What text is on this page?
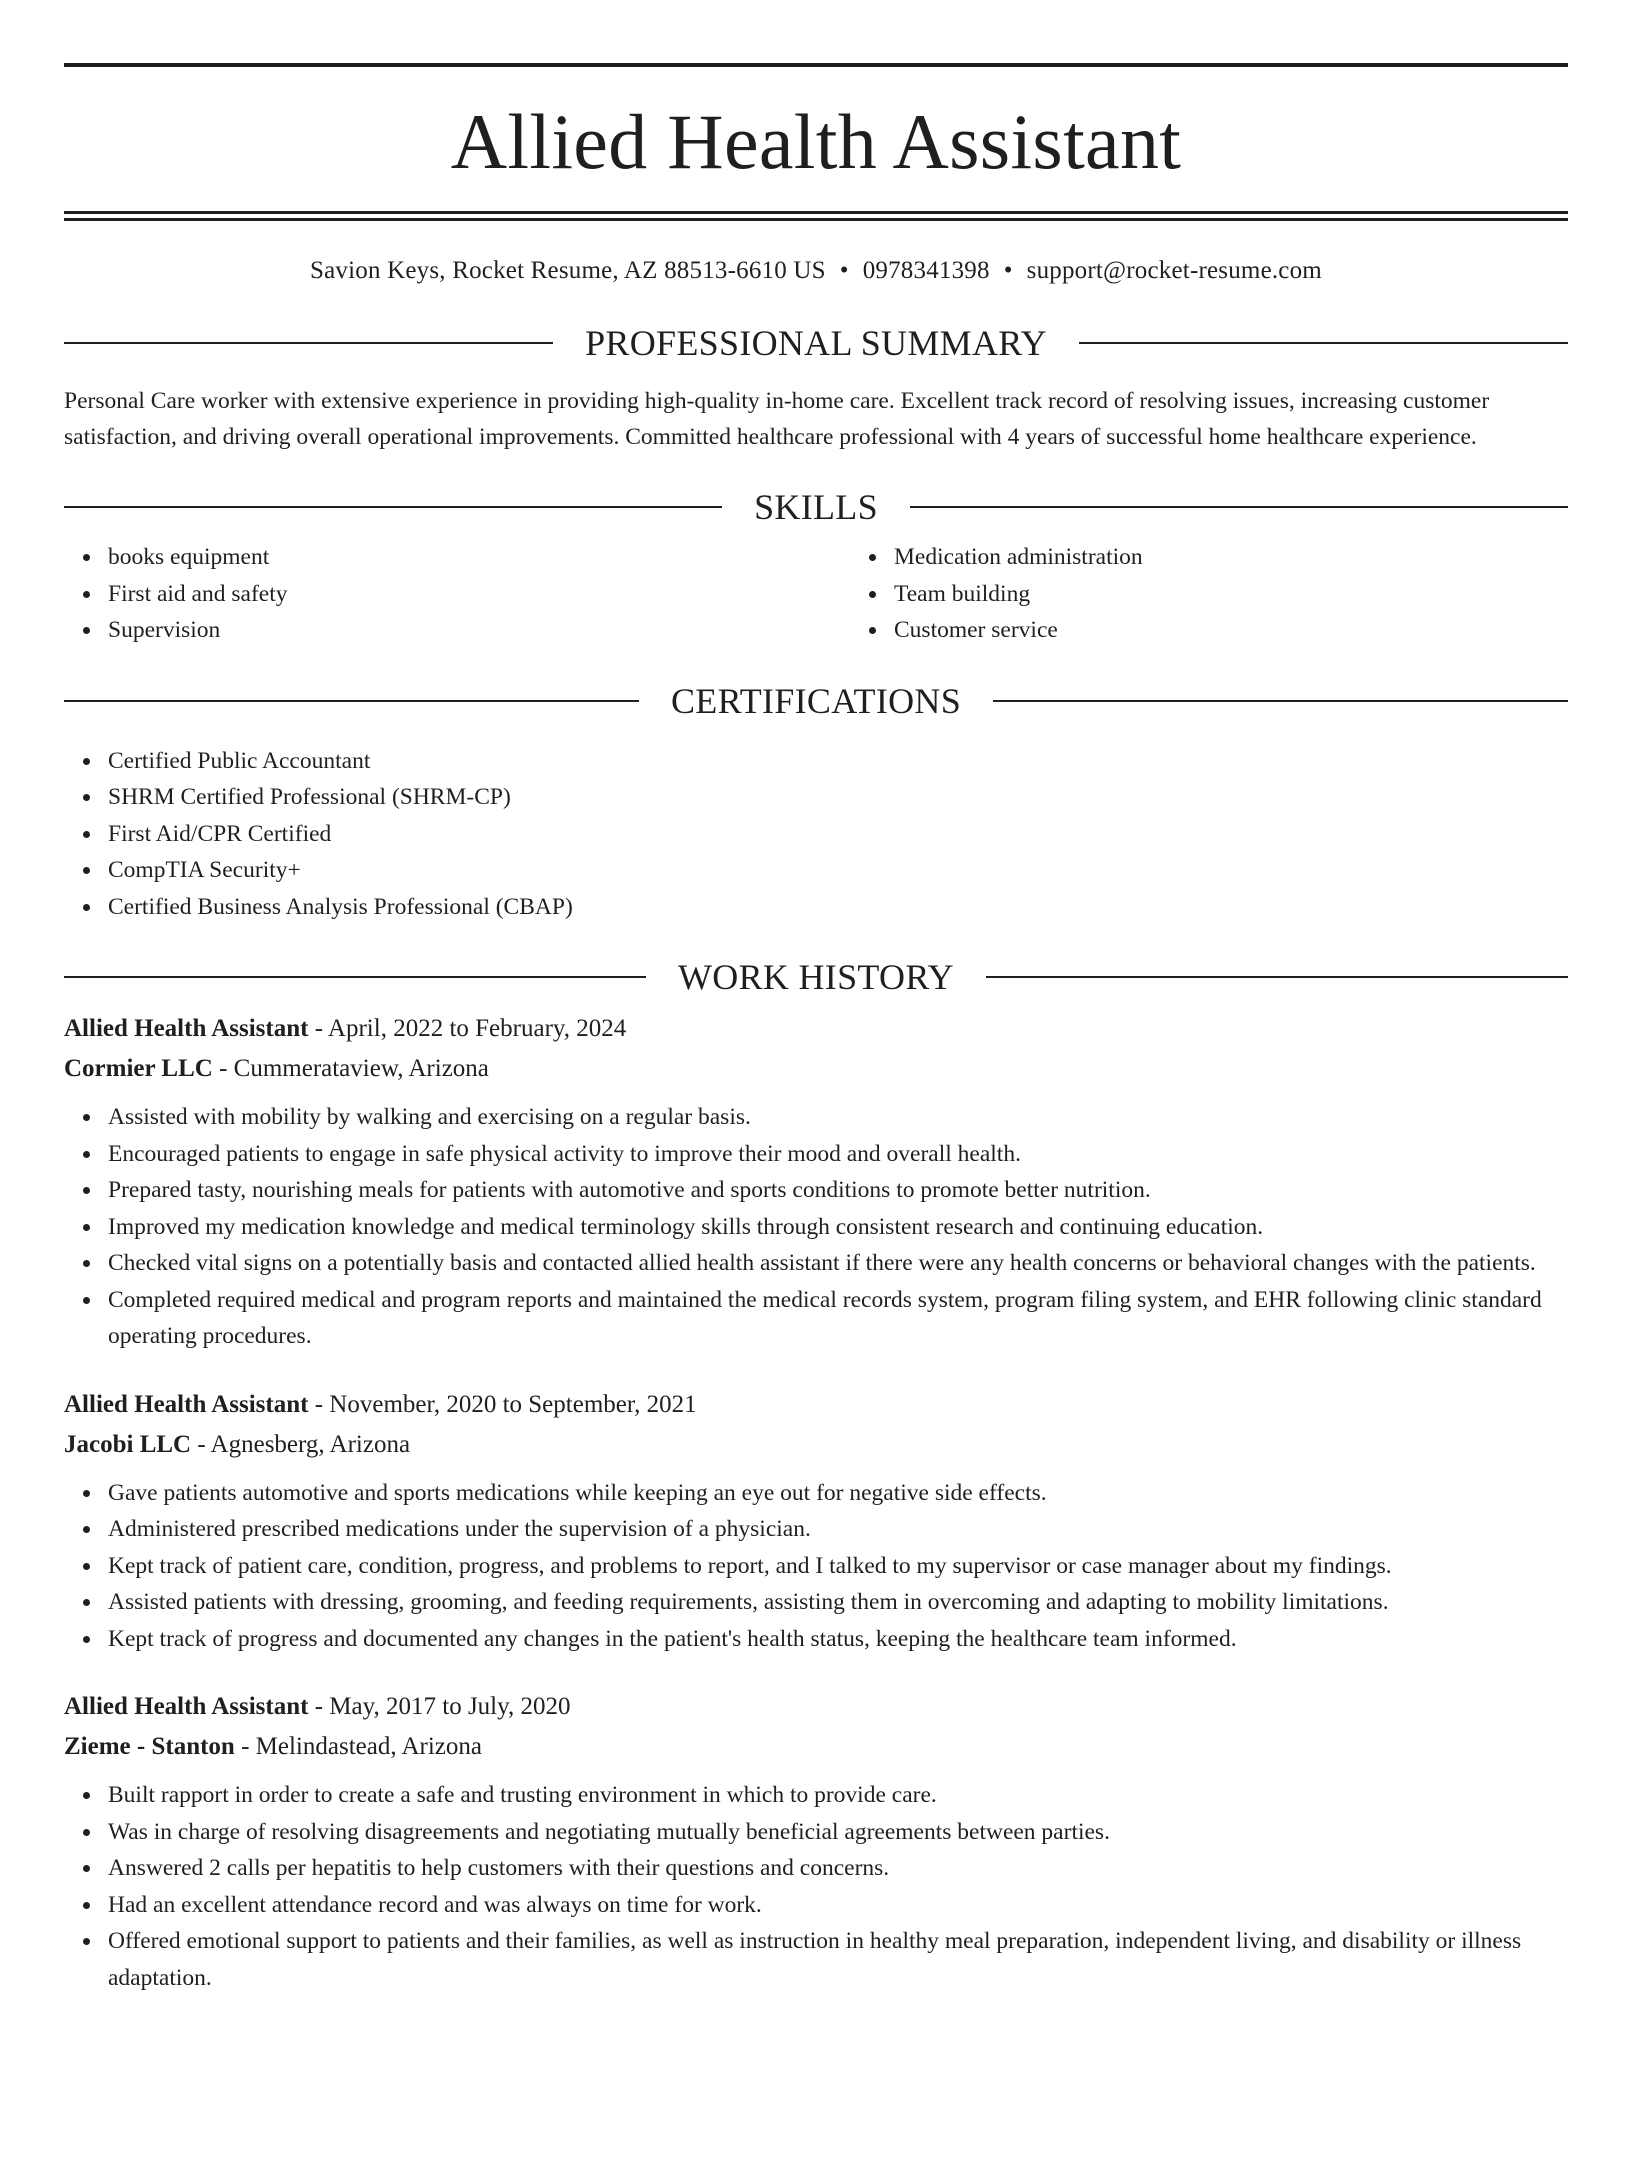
Allied Health Assistant
Savion Keys, Rocket Resume, AZ 88513-6610 US • 0978341398 • support@rocket-resume.com
PROFESSIONAL SUMMARY

Personal Care worker with extensive experience in providing high-quality in-home care. Excellent track record of resolving issues, increasing customer satisfaction, and driving overall operational improvements. Committed healthcare professional with 4 years of successful home healthcare experience.

SKILLS
books equipment
First aid and safety
Supervision
Medication administration
Team building
Customer service
CERTIFICATIONS
Certified Public Accountant
SHRM Certified Professional (SHRM-CP)
First Aid/CPR Certified
CompTIA Security+
Certified Business Analysis Professional (CBAP)
WORK HISTORY
Allied Health Assistant - April, 2022 to February, 2024
Cormier LLC - Cummerataview, Arizona
Assisted with mobility by walking and exercising on a regular basis.
Encouraged patients to engage in safe physical activity to improve their mood and overall health.
Prepared tasty, nourishing meals for patients with automotive and sports conditions to promote better nutrition.
Improved my medication knowledge and medical terminology skills through consistent research and continuing education.
Checked vital signs on a potentially basis and contacted allied health assistant if there were any health concerns or behavioral changes with the patients.
Completed required medical and program reports and maintained the medical records system, program filing system, and EHR following clinic standard operating procedures.
Allied Health Assistant - November, 2020 to September, 2021
Jacobi LLC - Agnesberg, Arizona
Gave patients automotive and sports medications while keeping an eye out for negative side effects.
Administered prescribed medications under the supervision of a physician.
Kept track of patient care, condition, progress, and problems to report, and I talked to my supervisor or case manager about my findings.
Assisted patients with dressing, grooming, and feeding requirements, assisting them in overcoming and adapting to mobility limitations.
Kept track of progress and documented any changes in the patient's health status, keeping the healthcare team informed.
Allied Health Assistant - May, 2017 to July, 2020
Zieme - Stanton - Melindastead, Arizona
Built rapport in order to create a safe and trusting environment in which to provide care.
Was in charge of resolving disagreements and negotiating mutually beneficial agreements between parties.
Answered 2 calls per hepatitis to help customers with their questions and concerns.
Had an excellent attendance record and was always on time for work.
Offered emotional support to patients and their families, as well as instruction in healthy meal preparation, independent living, and disability or illness adaptation.
